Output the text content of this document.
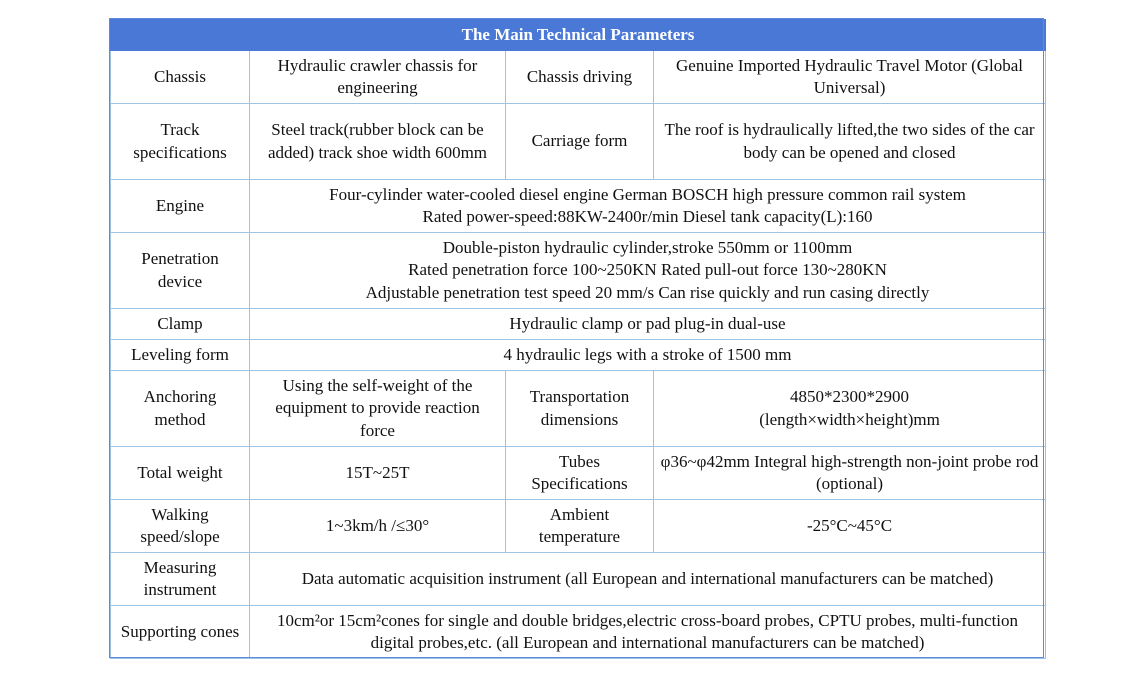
The Main Technical Parameters			
Chassis	Hydraulic crawler chassis for engineering	Chassis driving	Genuine Imported Hydraulic Travel Motor (Global Universal)
Track specifications	Steel track(rubber block can be added) track shoe width 600mm	Carriage form	The roof is hydraulically lifted,the two sides of the car body can be opened and closed
Engine	Four-cylinder water-cooled diesel engine German BOSCH high pressure common rail system
Rated power-speed:88KW-2400r/min Diesel tank capacity(L):160		

Penetration device	Double-piston hydraulic cylinder,stroke 550mm or 1100mm
Rated penetration force 100~250KN Rated pull-out force 130~280KN
Adjustable penetration test speed 20 mm/s Can rise quickly and run casing directly		

Clamp	Hydraulic clamp or pad plug-in dual-use		
Leveling form	4 hydraulic legs with a stroke of 1500 mm		
Anchoring method	Using the self-weight of the equipment to provide reaction force	Transportation dimensions	4850*2300*2900
(length×width×height)mm

Total weight	15T~25T	Tubes Specifications	φ36~φ42mm Integral high-strength non-joint probe rod (optional)
Walking speed/slope	1~3km/h /≤30°	Ambient temperature	-25°C~45°C
Measuring instrument	Data automatic acquisition instrument (all European and international manufacturers can be matched)		
Supporting cones	10cm²or 15cm²cones for single and double bridges,electric cross-board probes, CPTU probes, multi-function digital probes,etc. (all European and international manufacturers can be matched)		
